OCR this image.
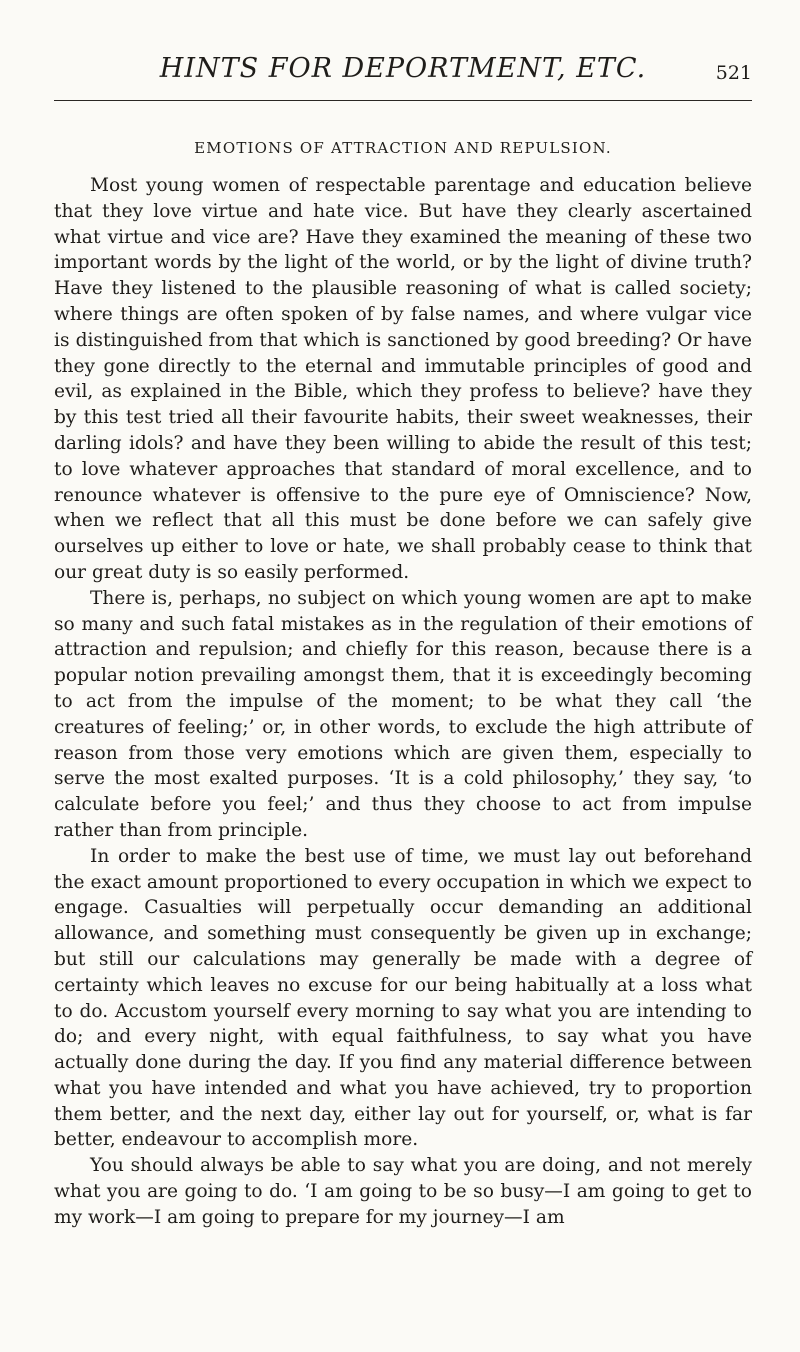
HINTS FOR DEPORTMENT, ETC.	521
EMOTIONS OF ATTRACTION AND REPULSION.

Most young women of respectable parentage and education believe that they love virtue and hate vice. But have they clearly ascertained what virtue and vice are? Have they examined the meaning of these two important words by the light of the world, or by the light of divine truth? Have they listened to the plausible reasoning of what is called society; where things are often spoken of by false names, and where vulgar vice is distinguished from that which is sanctioned by good breeding? Or have they gone directly to the eternal and immutable principles of good and evil, as explained in the Bible, which they profess to believe? have they by this test tried all their favourite habits, their sweet weaknesses, their darling idols? and have they been willing to abide the result of this test; to love whatever approaches that standard of moral excellence, and to renounce whatever is offensive to the pure eye of Omniscience? Now, when we reflect that all this must be done before we can safely give ourselves up either to love or hate, we shall probably cease to think that our great duty is so easily performed.

There is, perhaps, no subject on which young women are apt to make so many and such fatal mistakes as in the regulation of their emotions of attraction and repulsion; and chiefly for this reason, because there is a popular notion prevailing amongst them, that it is exceedingly becoming to act from the impulse of the moment; to be what they call ‘the creatures of feeling;’ or, in other words, to exclude the high attribute of reason from those very emotions which are given them, especially to serve the most exalted purposes. ‘It is a cold philosophy,’ they say, ‘to calculate before you feel;’ and thus they choose to act from impulse rather than from principle.

In order to make the best use of time, we must lay out beforehand the exact amount proportioned to every occupation in which we expect to engage. Casualties will perpetually occur demanding an additional allowance, and something must consequently be given up in exchange; but still our calculations may generally be made with a degree of certainty which leaves no excuse for our being habitually at a loss what to do. Accustom yourself every morning to say what you are intending to do; and every night, with equal faithfulness, to say what you have actually done during the day. If you find any material difference between what you have intended and what you have achieved, try to proportion them better, and the next day, either lay out for yourself, or, what is far better, endeavour to accomplish more.

You should always be able to say what you are doing, and not merely what you are going to do. ‘I am going to be so busy—I am going to get to my work—I am going to prepare for my journey—I am
